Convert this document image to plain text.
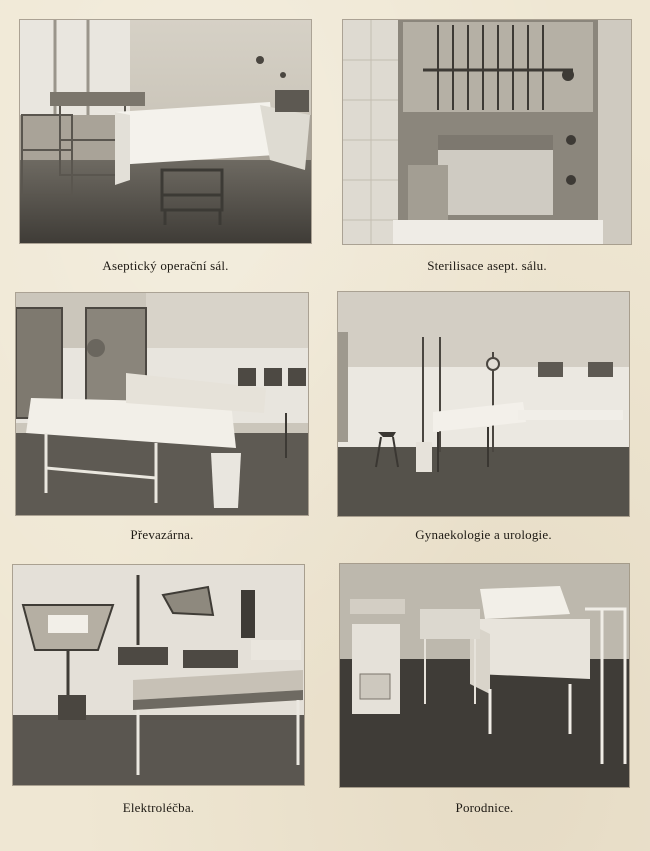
Aseptický operační sál.	Sterilisace asept. sálu.
Převazárna.	Gynaekologie a urologie.
Elektroléčba.	Porodnice.
